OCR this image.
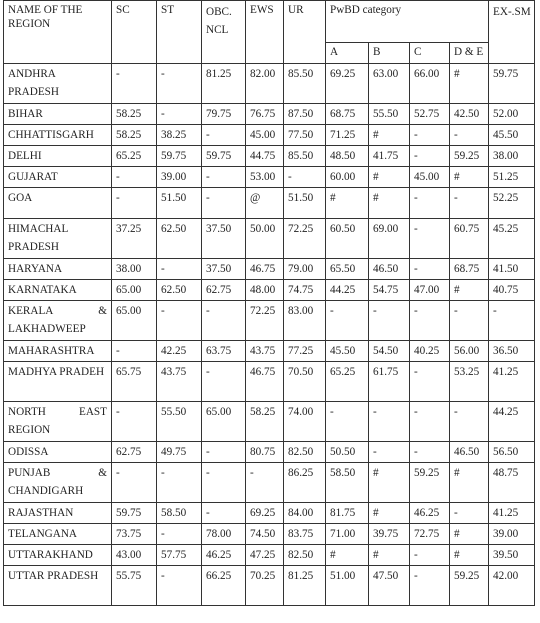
NAME OF THE REGION	SC	ST	OBC. NCL	EWS	UR	PwBD category				EX-.SM
						A	B	C	D & E	
ANDHRA PRADESH	-	-	81.25	82.00	85.50	69.25	63.00	66.00	#	59.75
BIHAR	58.25	-	79.75	76.75	87.50	68.75	55.50	52.75	42.50	52.00
CHHATTISGARH	58.25	38.25	-	45.00	77.50	71.25	#	-	-	45.50
DELHI	65.25	59.75	59.75	44.75	85.50	48.50	41.75	-	59.25	38.00
GUJARAT	-	39.00	-	53.00	-	60.00	#	45.00	#	51.25
GOA	-	51.50	-	@	51.50	#	#	-	-	52.25
HIMACHAL PRADESH	37.25	62.50	37.50	50.00	72.25	60.50	69.00	-	60.75	45.25
HARYANA	38.00	-	37.50	46.75	79.00	65.50	46.50	-	68.75	41.50
KARNATAKA	65.00	62.50	62.75	48.00	74.75	44.25	54.75	47.00	#	40.75

KERALA &
LAKHADWEEP	65.00	-	-	72.25	83.00	-	-	-	-	-
MAHARASHTRA	-	42.25	63.75	43.75	77.25	45.50	54.50	40.25	56.00	36.50
MADHYA PRADEH	65.75	43.75	-	46.75	70.50	65.25	61.75	-	53.25	41.25

NORTH EAST
REGION	-	55.50	65.00	58.25	74.00	-	-	-	-	44.25
ODISSA	62.75	49.75	-	80.75	82.50	50.50	-	-	46.50	56.50

PUNJAB &
CHANDIGARH	-	-	-	-	86.25	58.50	#	59.25	#	48.75
RAJASTHAN	59.75	58.50	-	69.25	84.00	81.75	#	46.25	-	41.25
TELANGANA	73.75	-	78.00	74.50	83.75	71.00	39.75	72.75	#	39.00
UTTARAKHAND	43.00	57.75	46.25	47.25	82.50	#	#	-	#	39.50
UTTAR PRADESH	55.75	-	66.25	70.25	81.25	51.00	47.50	-	59.25	42.00
